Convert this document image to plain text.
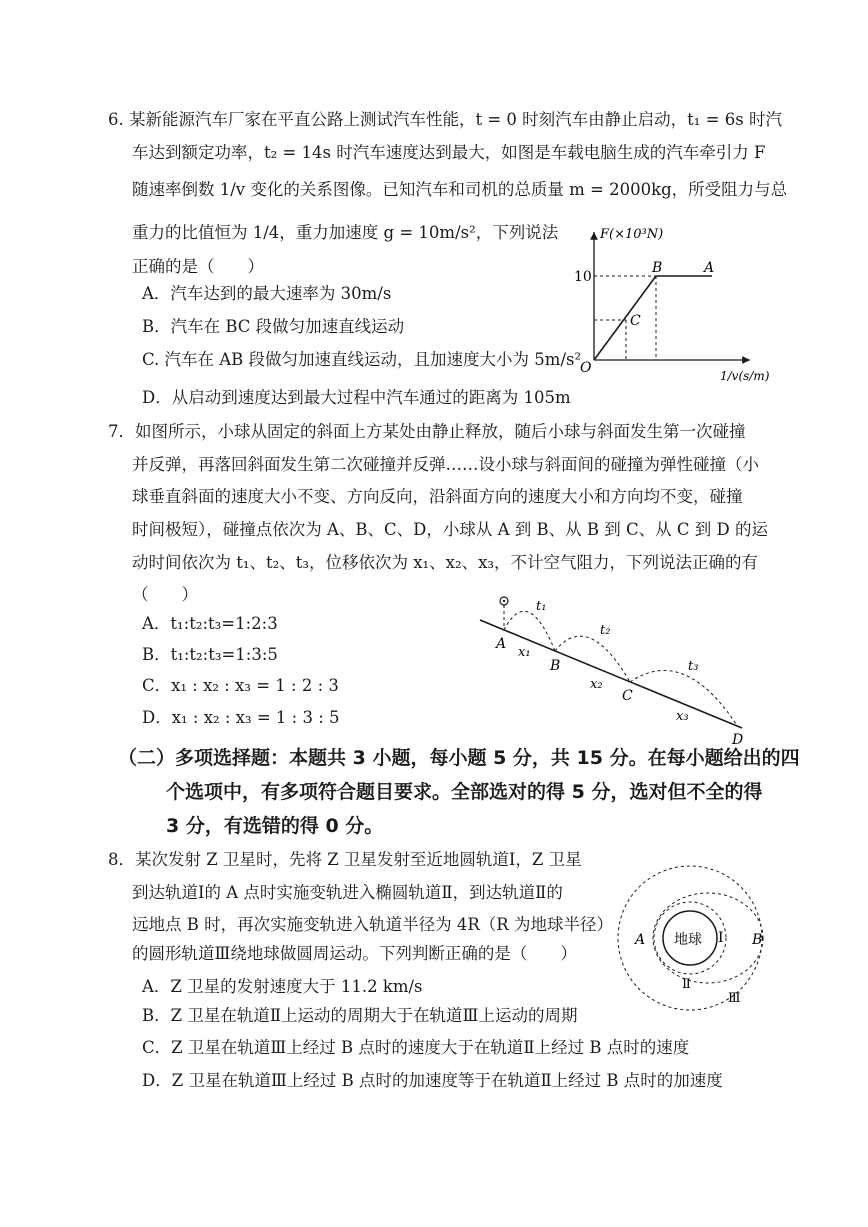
6. 某新能源汽车厂家在平直公路上测试汽车性能，t = 0 时刻汽车由静止启动，t₁ = 6s 时汽
车达到额定功率，t₂ = 14s 时汽车速度达到最大，如图是车载电脑生成的汽车牵引力 F
随速率倒数 1/v 变化的关系图像。已知汽车和司机的总质量 m = 2000kg，所受阻力与总
重力的比值恒为 1/4，重力加速度 g = 10m/s²，下列说法
正确的是（　　）
A．汽车达到的最大速率为 30m/s
B．汽车在 BC 段做匀加速直线运动
C. 汽车在 AB 段做匀加速直线运动，且加速度大小为 5m/s²
D．从启动到速度达到最大过程中汽车通过的距离为 105m
F(×10³N)
10
B	A
C
O	1/v(s/m)
7．如图所示，小球从固定的斜面上方某处由静止释放，随后小球与斜面发生第一次碰撞
并反弹，再落回斜面发生第二次碰撞并反弹……设小球与斜面间的碰撞为弹性碰撞（小
球垂直斜面的速度大小不变、方向反向，沿斜面方向的速度大小和方向均不变，碰撞
时间极短），碰撞点依次为 A、B、C、D，小球从 A 到 B、从 B 到 C、从 C 到 D 的运
动时间依次为 t₁、t₂、t₃，位移依次为 x₁、x₂、x₃，不计空气阻力，下列说法正确的有
（　　）
A．t₁:t₂:t₃=1:2:3
B．t₁:t₂:t₃=1:3:5
C．x₁ : x₂ : x₃ = 1 : 2 : 3
D．x₁ : x₂ : x₃ = 1 : 3 : 5
A
B
C
D
t₁
t₂
t₃
x₁
x₂
x₃
（二）多项选择题：本题共 3 小题，每小题 5 分，共 15 分。在每小题给出的四
个选项中，有多项符合题目要求。全部选对的得 5 分，选对但不全的得
3 分，有选错的得 0 分。
8．某次发射 Z 卫星时，先将 Z 卫星发射至近地圆轨道Ⅰ，Z 卫星
到达轨道Ⅰ的 A 点时实施变轨进入椭圆轨道Ⅱ，到达轨道Ⅱ的
远地点 B 时，再次实施变轨进入轨道半径为 4R（R 为地球半径）
的圆形轨道Ⅲ绕地球做圆周运动。下列判断正确的是（　　）
A．Z 卫星的发射速度大于 11.2 km/s
B．Z 卫星在轨道Ⅱ上运动的周期大于在轨道Ⅲ上运动的周期
C．Z 卫星在轨道Ⅲ上经过 B 点时的速度大于在轨道Ⅱ上经过 B 点时的速度
D．Z 卫星在轨道Ⅲ上经过 B 点时的加速度等于在轨道Ⅱ上经过 B 点时的加速度
地球
A	B
Ⅰ
Ⅱ
Ⅲ
